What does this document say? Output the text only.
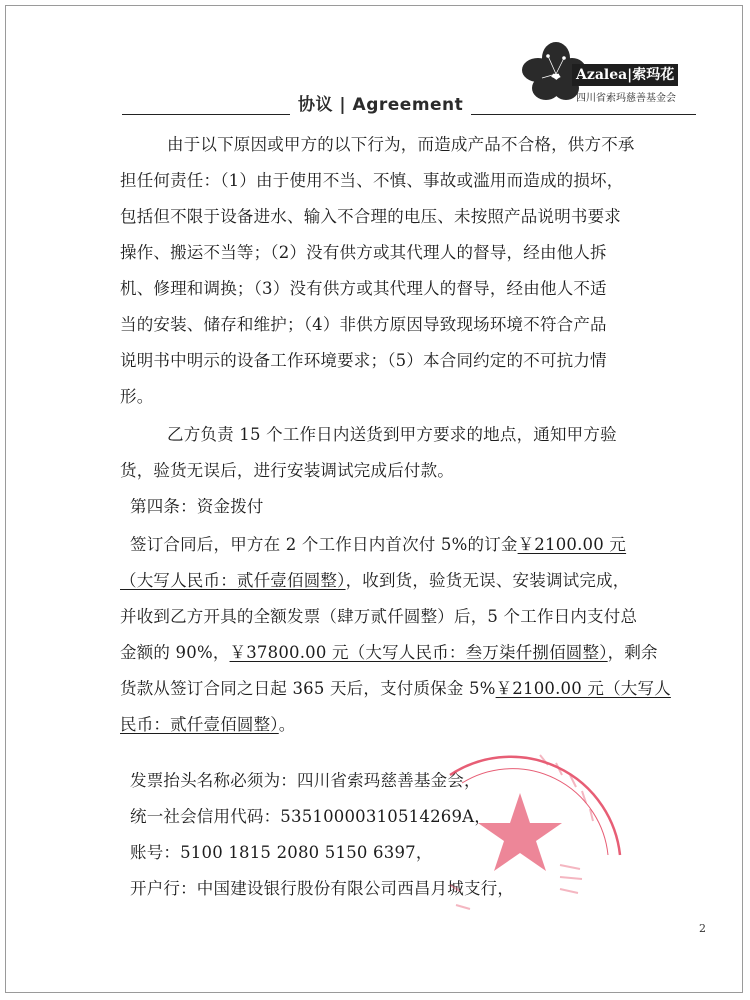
协议 | Agreement
Azalea|索玛花
四川省索玛慈善基金会
由于以下原因或甲方的以下行为，而造成产品不合格，供方不承
担任何责任：（1）由于使用不当、不慎、事故或滥用而造成的损坏，
包括但不限于设备进水、输入不合理的电压、未按照产品说明书要求
操作、搬运不当等；（2）没有供方或其代理人的督导，经由他人拆
机、修理和调换；（3）没有供方或其代理人的督导，经由他人不适
当的安装、储存和维护；（4）非供方原因导致现场环境不符合产品
说明书中明示的设备工作环境要求；（5）本合同约定的不可抗力情
形。
乙方负责 15 个工作日内送货到甲方要求的地点，通知甲方验
货，验货无误后，进行安装调试完成后付款。
第四条：资金拨付
签订合同后，甲方在 2 个工作日内首次付 5%的订金￥2100.00 元
（大写人民币：贰仟壹佰圆整），收到货，验货无误、安装调试完成，
并收到乙方开具的全额发票（肆万贰仟圆整）后，5 个工作日内支付总
金额的 90%，￥37800.00 元（大写人民币：叁万柒仟捌佰圆整），剩余
货款从签订合同之日起 365 天后，支付质保金 5%￥2100.00 元（大写人
民币：贰仟壹佰圆整）。
发票抬头名称必须为：四川省索玛慈善基金会，
统一社会信用代码：53510000310514269A，
账号：5100 1815 2080 5150 6397，
开户行：中国建设银行股份有限公司西昌月城支行，
2
